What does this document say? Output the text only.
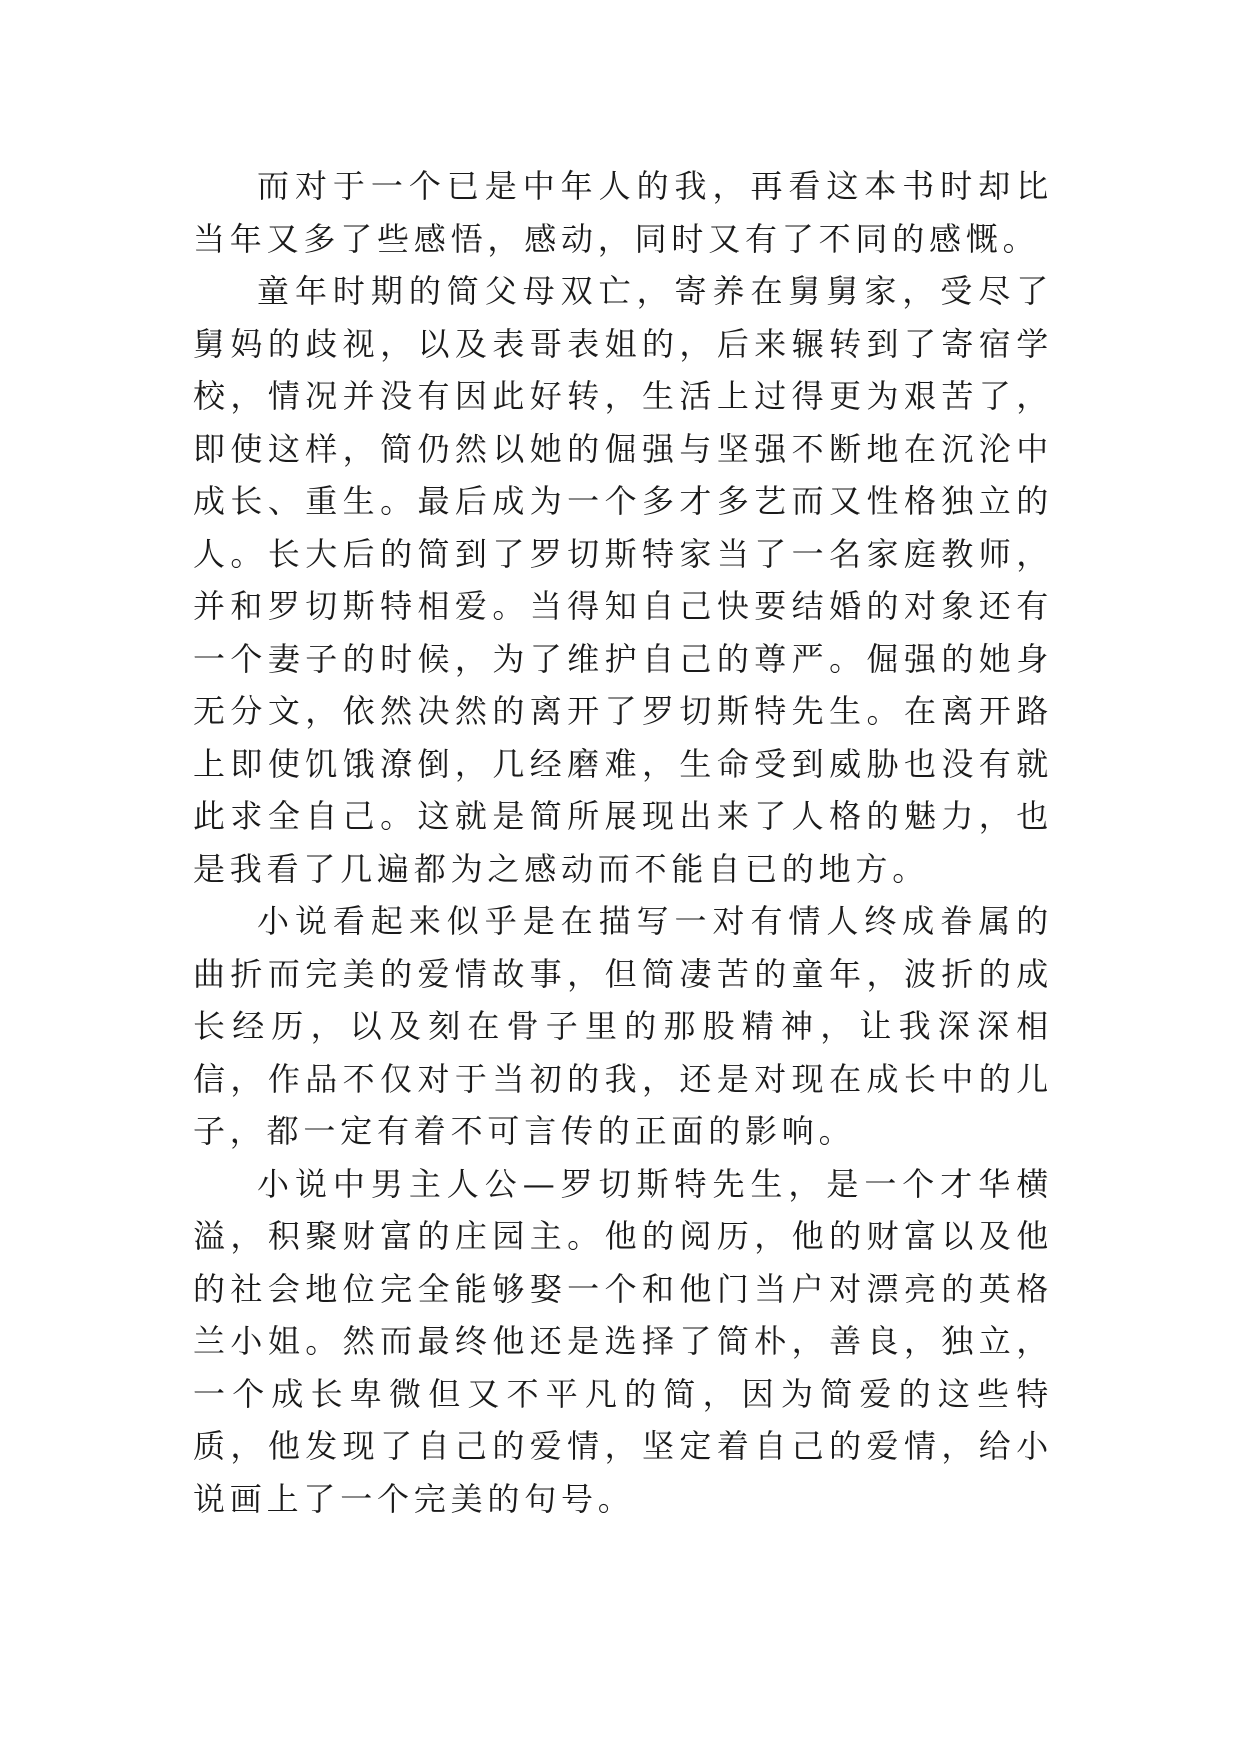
而对于一个已是中年人的我，再看这本书时却比当年又多了些感悟，感动，同时又有了不同的感慨。

童年时期的简父母双亡，寄养在舅舅家，受尽了舅妈的歧视，以及表哥表姐的，后来辗转到了寄宿学校，情况并没有因此好转，生活上过得更为艰苦了，即使这样，简仍然以她的倔强与坚强不断地在沉沦中成长、重生。最后成为一个多才多艺而又性格独立的人。长大后的简到了罗切斯特家当了一名家庭教师，并和罗切斯特相爱。当得知自己快要结婚的对象还有一个妻子的时候，为了维护自己的尊严。倔强的她身无分文，依然决然的离开了罗切斯特先生。在离开路上即使饥饿潦倒，几经磨难，生命受到威胁也没有就此求全自己。这就是简所展现出来了人格的魅力，也是我看了几遍都为之感动而不能自已的地方。

小说看起来似乎是在描写一对有情人终成眷属的曲折而完美的爱情故事，但简凄苦的童年，波折的成长经历，以及刻在骨子里的那股精神，让我深深相信，作品不仅对于当初的我，还是对现在成长中的儿子，都一定有着不可言传的正面的影响。

小说中男主人公—罗切斯特先生，是一个才华横溢，积聚财富的庄园主。他的阅历，他的财富以及他的社会地位完全能够娶一个和他门当户对漂亮的英格兰小姐。然而最终他还是选择了简朴，善良，独立，一个成长卑微但又不平凡的简，因为简爱的这些特质，他发现了自己的爱情，坚定着自己的爱情，给小说画上了一个完美的句号。
